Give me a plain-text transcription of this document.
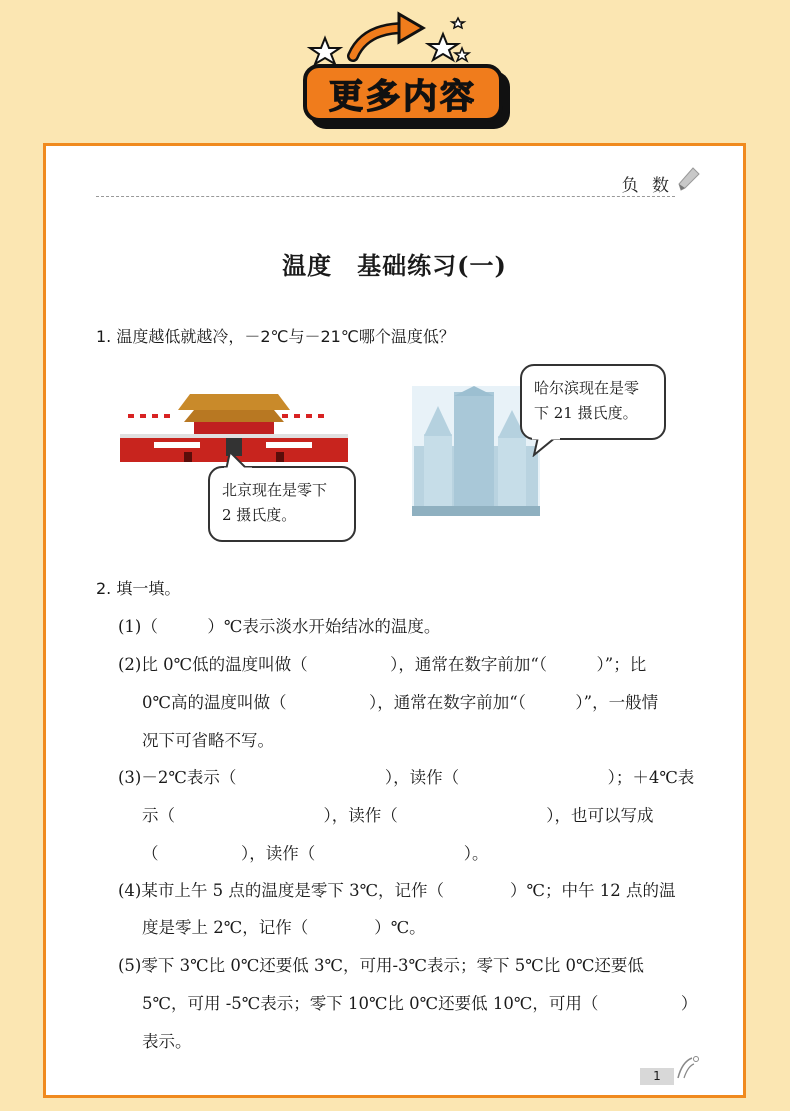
更多内容
负 数
温度　基础练习(一)
1. 温度越低就越冷，－2℃与－21℃哪个温度低？
北京现在是零下
2 摄氏度。
哈尔滨现在是零
下 21 摄氏度。
2. 填一填。
(1)（　　　）℃表示淡水开始结冰的温度。
(2)比 0℃低的温度叫做（　　　　　），通常在数字前加“（　　　）”；比
0℃高的温度叫做（　　　　　），通常在数字前加“（　　　）”，一般情
况下可省略不写。
(3)－2℃表示（　　　　　　　　　），读作（　　　　　　　　　）；＋4℃表
示（　　　　　　　　　），读作（　　　　　　　　　），也可以写成
（　　　　　），读作（　　　　　　　　　）。
(4)某市上午 5 点的温度是零下 3℃，记作（　　　　）℃；中午 12 点的温
度是零上 2℃，记作（　　　　）℃。
(5)零下 3℃比 0℃还要低 3℃，可用-3℃表示；零下 5℃比 0℃还要低
5℃，可用 -5℃表示；零下 10℃比 0℃还要低 10℃，可用（　　　　　）
表示。
1
